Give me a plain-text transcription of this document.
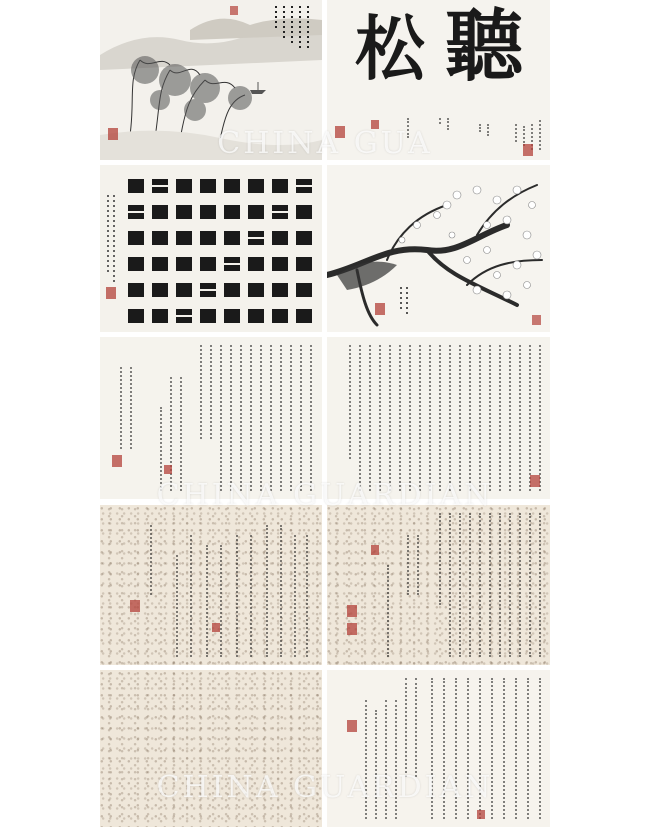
聽
松
CHINA GUA
CHINA GUARDIAN
CHINA GUARDIAN
